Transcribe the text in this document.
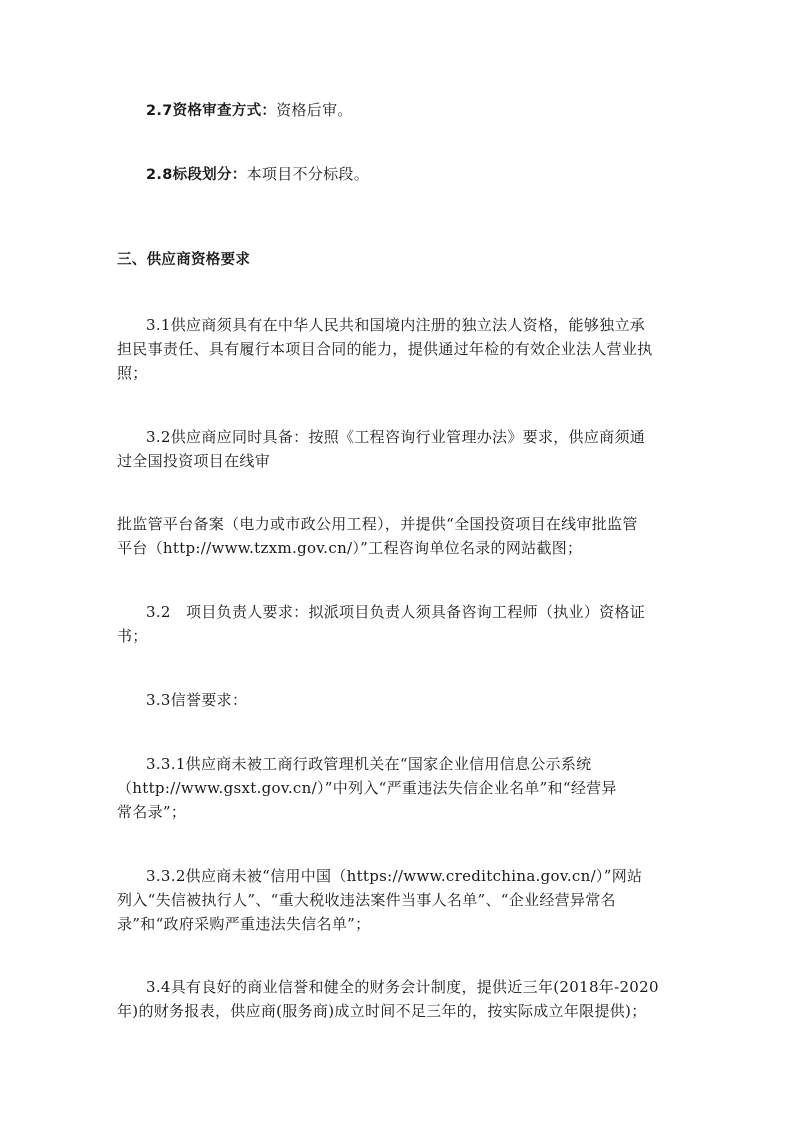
2.7资格审查方式：资格后审。
2.8标段划分：本项目不分标段。
三、供应商资格要求
3.1供应商须具有在中华人民共和国境内注册的独立法人资格，能够独立承
担民事责任、具有履行本项目合同的能力，提供通过年检的有效企业法人营业执
照；
3.2供应商应同时具备：按照《工程咨询行业管理办法》要求，供应商须通
过全国投资项目在线审
批监管平台备案（电力或市政公用工程），并提供“全国投资项目在线审批监管
平台（http://www.tzxm.gov.cn/）”工程咨询单位名录的网站截图；
3.2　项目负责人要求：拟派项目负责人须具备咨询工程师（执业）资格证
书；
3.3信誉要求：
3.3.1供应商未被工商行政管理机关在“国家企业信用信息公示系统
（http://www.gsxt.gov.cn/）”中列入“严重违法失信企业名单”和“经营异
常名录”；
3.3.2供应商未被“信用中国（https://www.creditchina.gov.cn/）”网站
列入“失信被执行人”、“重大税收违法案件当事人名单”、“企业经营异常名
录”和“政府采购严重违法失信名单”；
3.4具有良好的商业信誉和健全的财务会计制度，提供近三年(2018年-2020
年)的财务报表，供应商(服务商)成立时间不足三年的，按实际成立年限提供)；
